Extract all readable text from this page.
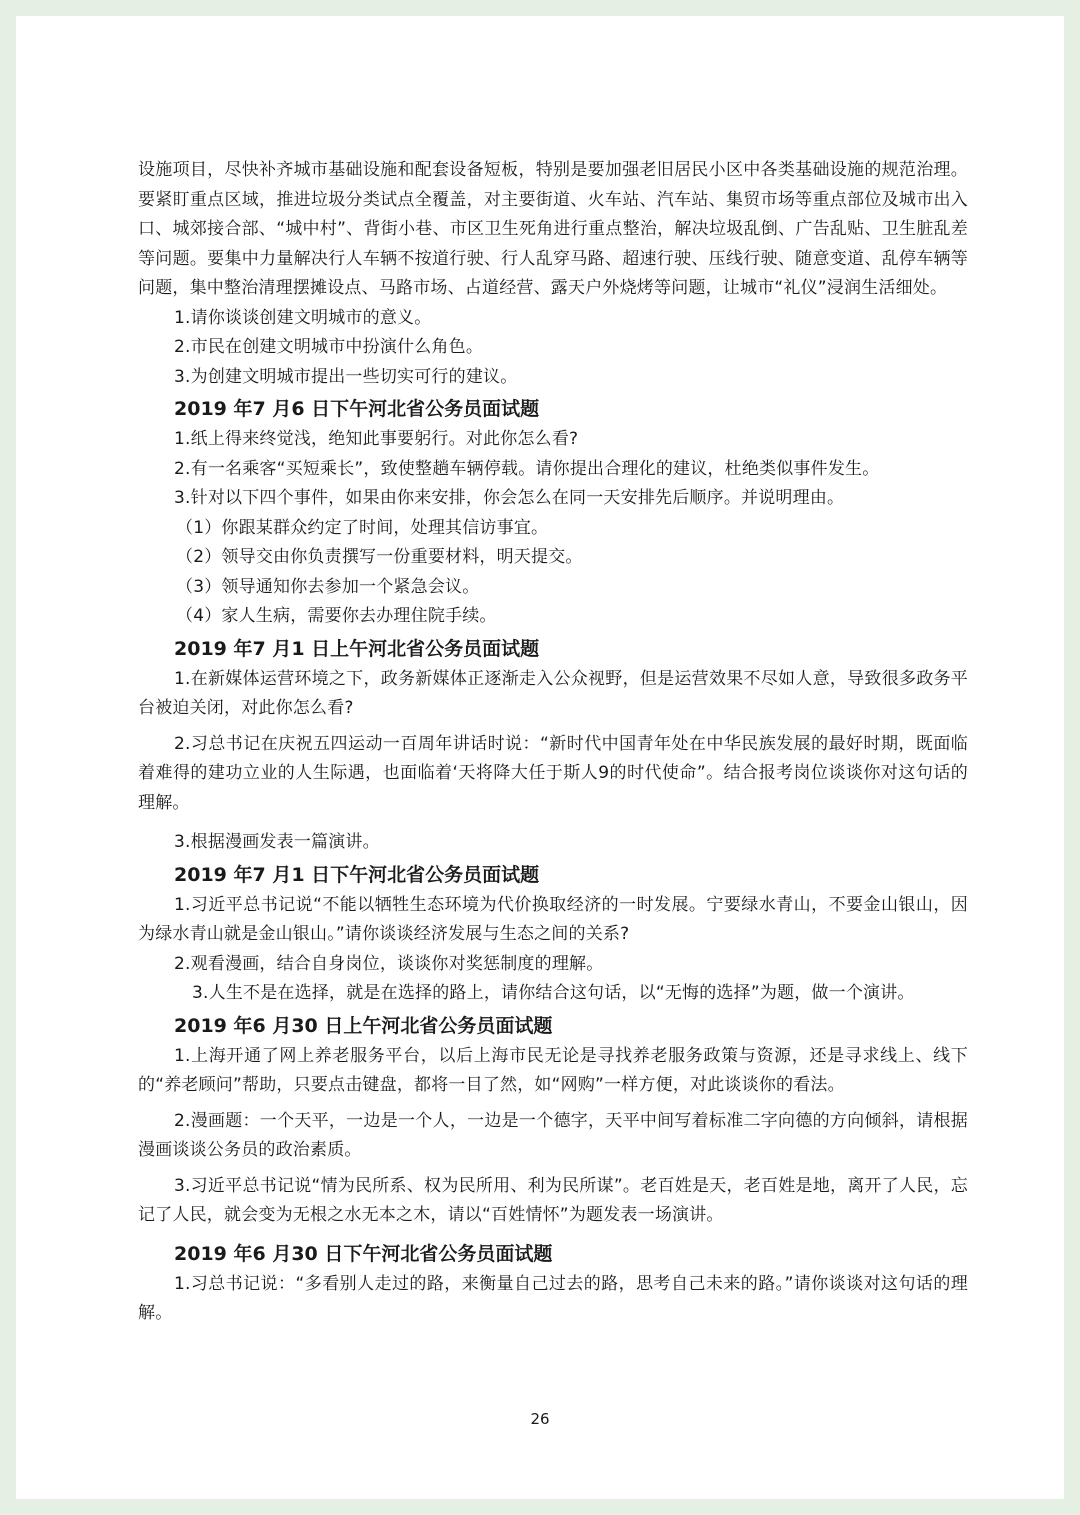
设施项目，尽快补齐城市基础设施和配套设备短板，特别是要加强老旧居民小区中各类基础设施的规范治理。要紧盯重点区域，推进垃圾分类试点全覆盖，对主要街道、火车站、汽车站、集贸市场等重点部位及城市出入口、城郊接合部、“城中村”、背街小巷、市区卫生死角进行重点整治，解决垃圾乱倒、广告乱贴、卫生脏乱差等问题。要集中力量解决行人车辆不按道行驶、行人乱穿马路、超速行驶、压线行驶、随意变道、乱停车辆等问题，集中整治清理摆摊设点、马路市场、占道经营、露天户外烧烤等问题，让城市“礼仪”浸润生活细处。

1.请你谈谈创建文明城市的意义。

2.市民在创建文明城市中扮演什么角色。

3.为创建文明城市提出一些切实可行的建议。

2019 年7 月6 日下午河北省公务员面试题

1.纸上得来终觉浅，绝知此事要躬行。对此你怎么看?

2.有一名乘客“买短乘长”，致使整趟车辆停载。请你提出合理化的建议，杜绝类似事件发生。

3.针对以下四个事件，如果由你来安排，你会怎么在同一天安排先后顺序。并说明理由。

（1）你跟某群众约定了时间，处理其信访事宜。

（2）领导交由你负责撰写一份重要材料，明天提交。

（3）领导通知你去参加一个紧急会议。

（4）家人生病，需要你去办理住院手续。

2019 年7 月1 日上午河北省公务员面试题

1.在新媒体运营环境之下，政务新媒体正逐渐走入公众视野，但是运营效果不尽如人意，导致很多政务平台被迫关闭，对此你怎么看?

2.习总书记在庆祝五四运动一百周年讲话时说：“新时代中国青年处在中华民族发展的最好时期，既面临着难得的建功立业的人生际遇，也面临着‘天将降大任于斯人9的时代使命”。结合报考岗位谈谈你对这句话的理解。

3.根据漫画发表一篇演讲。

2019 年7 月1 日下午河北省公务员面试题

1.习近平总书记说“不能以牺牲生态环境为代价换取经济的一时发展。宁要绿水青山，不要金山银山，因为绿水青山就是金山银山。”请你谈谈经济发展与生态之间的关系?

2.观看漫画，结合自身岗位，谈谈你对奖惩制度的理解。

3.人生不是在选择，就是在选择的路上，请你结合这句话，以“无悔的选择”为题，做一个演讲。

2019 年6 月30 日上午河北省公务员面试题

1.上海开通了网上养老服务平台，以后上海市民无论是寻找养老服务政策与资源，还是寻求线上、线下的“养老顾问”帮助，只要点击键盘，都将一目了然，如“网购”一样方便，对此谈谈你的看法。

2.漫画题：一个天平，一边是一个人，一边是一个德字，天平中间写着标准二字向德的方向倾斜，请根据漫画谈谈公务员的政治素质。

3.习近平总书记说“情为民所系、权为民所用、利为民所谋”。老百姓是天，老百姓是地，离开了人民，忘记了人民，就会变为无根之水无本之木，请以“百姓情怀”为题发表一场演讲。

2019 年6 月30 日下午河北省公务员面试题

1.习总书记说：“多看别人走过的路，来衡量自己过去的路，思考自己未来的路。”请你谈谈对这句话的理解。

26
